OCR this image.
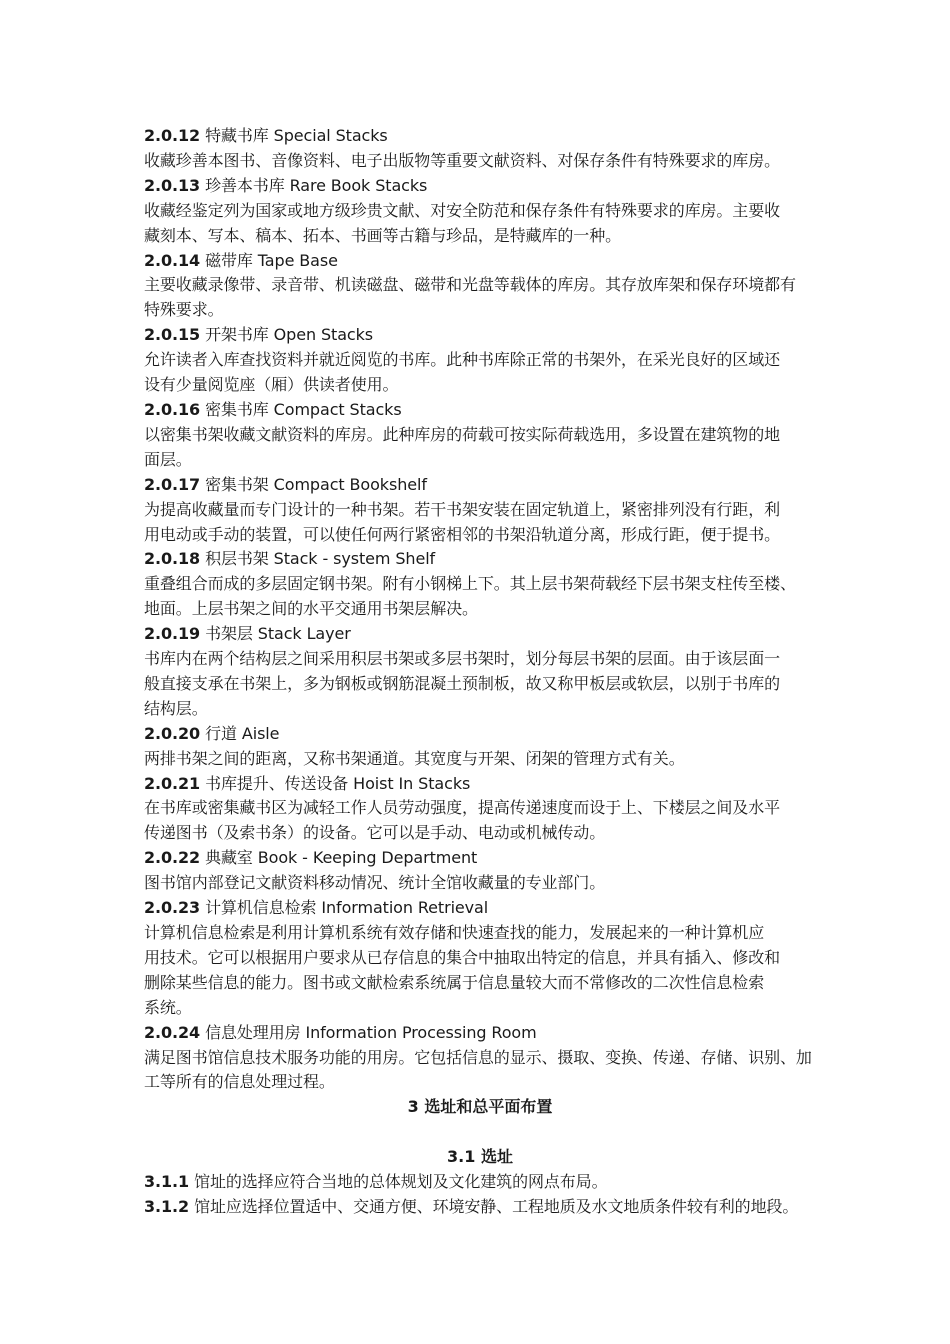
2.0.12 特藏书库 Special Stacks
收藏珍善本图书、音像资料、电子出版物等重要文献资料、对保存条件有特殊要求的库房。
2.0.13 珍善本书库 Rare Book Stacks
收藏经鉴定列为国家或地方级珍贵文献、对安全防范和保存条件有特殊要求的库房。主要收
藏刻本、写本、稿本、拓本、书画等古籍与珍品，是特藏库的一种。
2.0.14 磁带库 Tape Base
主要收藏录像带、录音带、机读磁盘、磁带和光盘等载体的库房。其存放库架和保存环境都有
特殊要求。
2.0.15 开架书库 Open Stacks
允许读者入库查找资料并就近阅览的书库。此种书库除正常的书架外，在采光良好的区域还
设有少量阅览座（厢）供读者使用。
2.0.16 密集书库 Compact Stacks
以密集书架收藏文献资料的库房。此种库房的荷载可按实际荷载选用，多设置在建筑物的地
面层。
2.0.17 密集书架 Compact Bookshelf
为提高收藏量而专门设计的一种书架。若干书架安装在固定轨道上，紧密排列没有行距，利
用电动或手动的装置，可以使任何两行紧密相邻的书架沿轨道分离，形成行距，便于提书。
2.0.18 积层书架 Stack - system Shelf
重叠组合而成的多层固定钢书架。附有小钢梯上下。其上层书架荷载经下层书架支柱传至楼、
地面。上层书架之间的水平交通用书架层解决。
2.0.19 书架层 Stack Layer
书库内在两个结构层之间采用积层书架或多层书架时，划分每层书架的层面。由于该层面一
般直接支承在书架上，多为钢板或钢筋混凝土预制板，故又称甲板层或软层，以别于书库的
结构层。
2.0.20 行道 Aisle
两排书架之间的距离，又称书架通道。其宽度与开架、闭架的管理方式有关。
2.0.21 书库提升、传送设备 Hoist In Stacks
在书库或密集藏书区为减轻工作人员劳动强度，提高传递速度而设于上、下楼层之间及水平
传递图书（及索书条）的设备。它可以是手动、电动或机械传动。
2.0.22 典藏室 Book - Keeping Department
图书馆内部登记文献资料移动情况、统计全馆收藏量的专业部门。
2.0.23 计算机信息检索 Information Retrieval
计算机信息检索是利用计算机系统有效存储和快速查找的能力，发展起来的一种计算机应
用技术。它可以根据用户要求从已存信息的集合中抽取出特定的信息，并具有插入、修改和
删除某些信息的能力。图书或文献检索系统属于信息量较大而不常修改的二次性信息检索
系统。
2.0.24 信息处理用房 Information Processing Room
满足图书馆信息技术服务功能的用房。它包括信息的显示、摄取、变换、传递、存储、识别、加
工等所有的信息处理过程。
3 选址和总平面布置
3.1 选址
3.1.1 馆址的选择应符合当地的总体规划及文化建筑的网点布局。
3.1.2 馆址应选择位置适中、交通方便、环境安静、工程地质及水文地质条件较有利的地段。
